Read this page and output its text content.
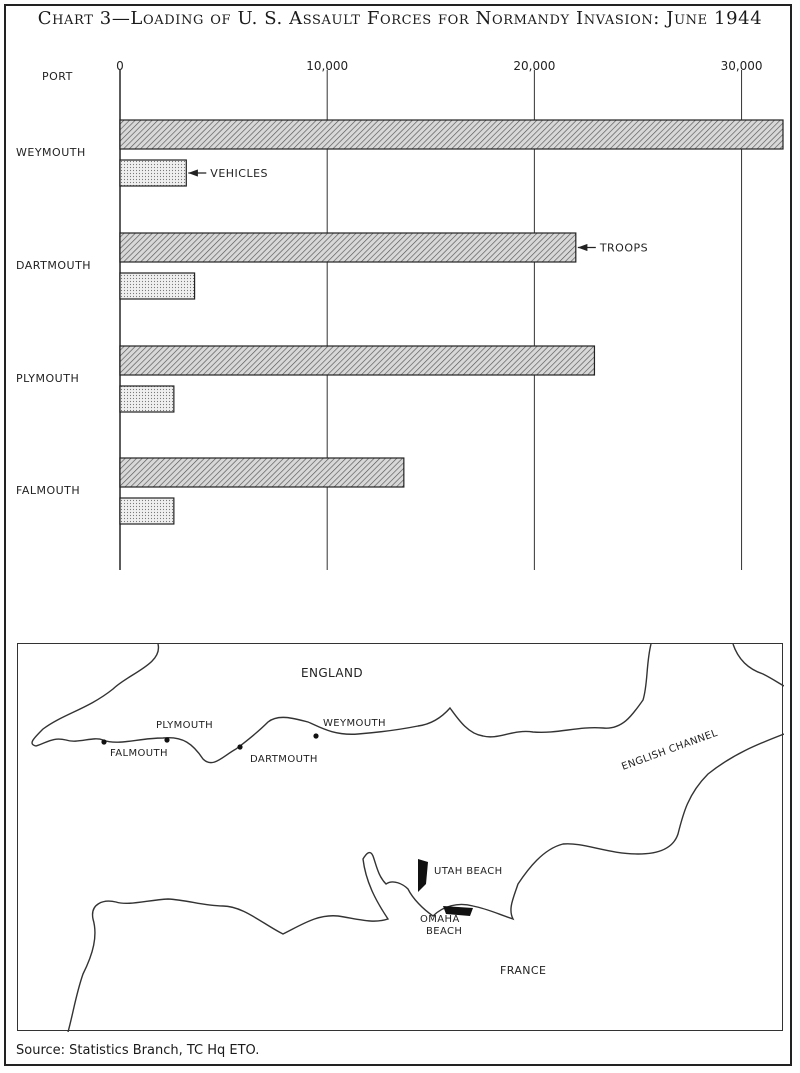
Chart 3—Loading of U. S. Assault Forces for Normandy Invasion: June 1944
0	10,000	20,000	30,000
WEYMOUTH
DARTMOUTH
PLYMOUTH
FALMOUTH
VEHICLES
TROOPS
PORT
ENGLAND
PLYMOUTH
FALMOUTH
DARTMOUTH
WEYMOUTH
ENGLISH CHANNEL
UTAH BEACH
OMAHA
BEACH
FRANCE
Source: Statistics Branch, TC Hq ETO.
